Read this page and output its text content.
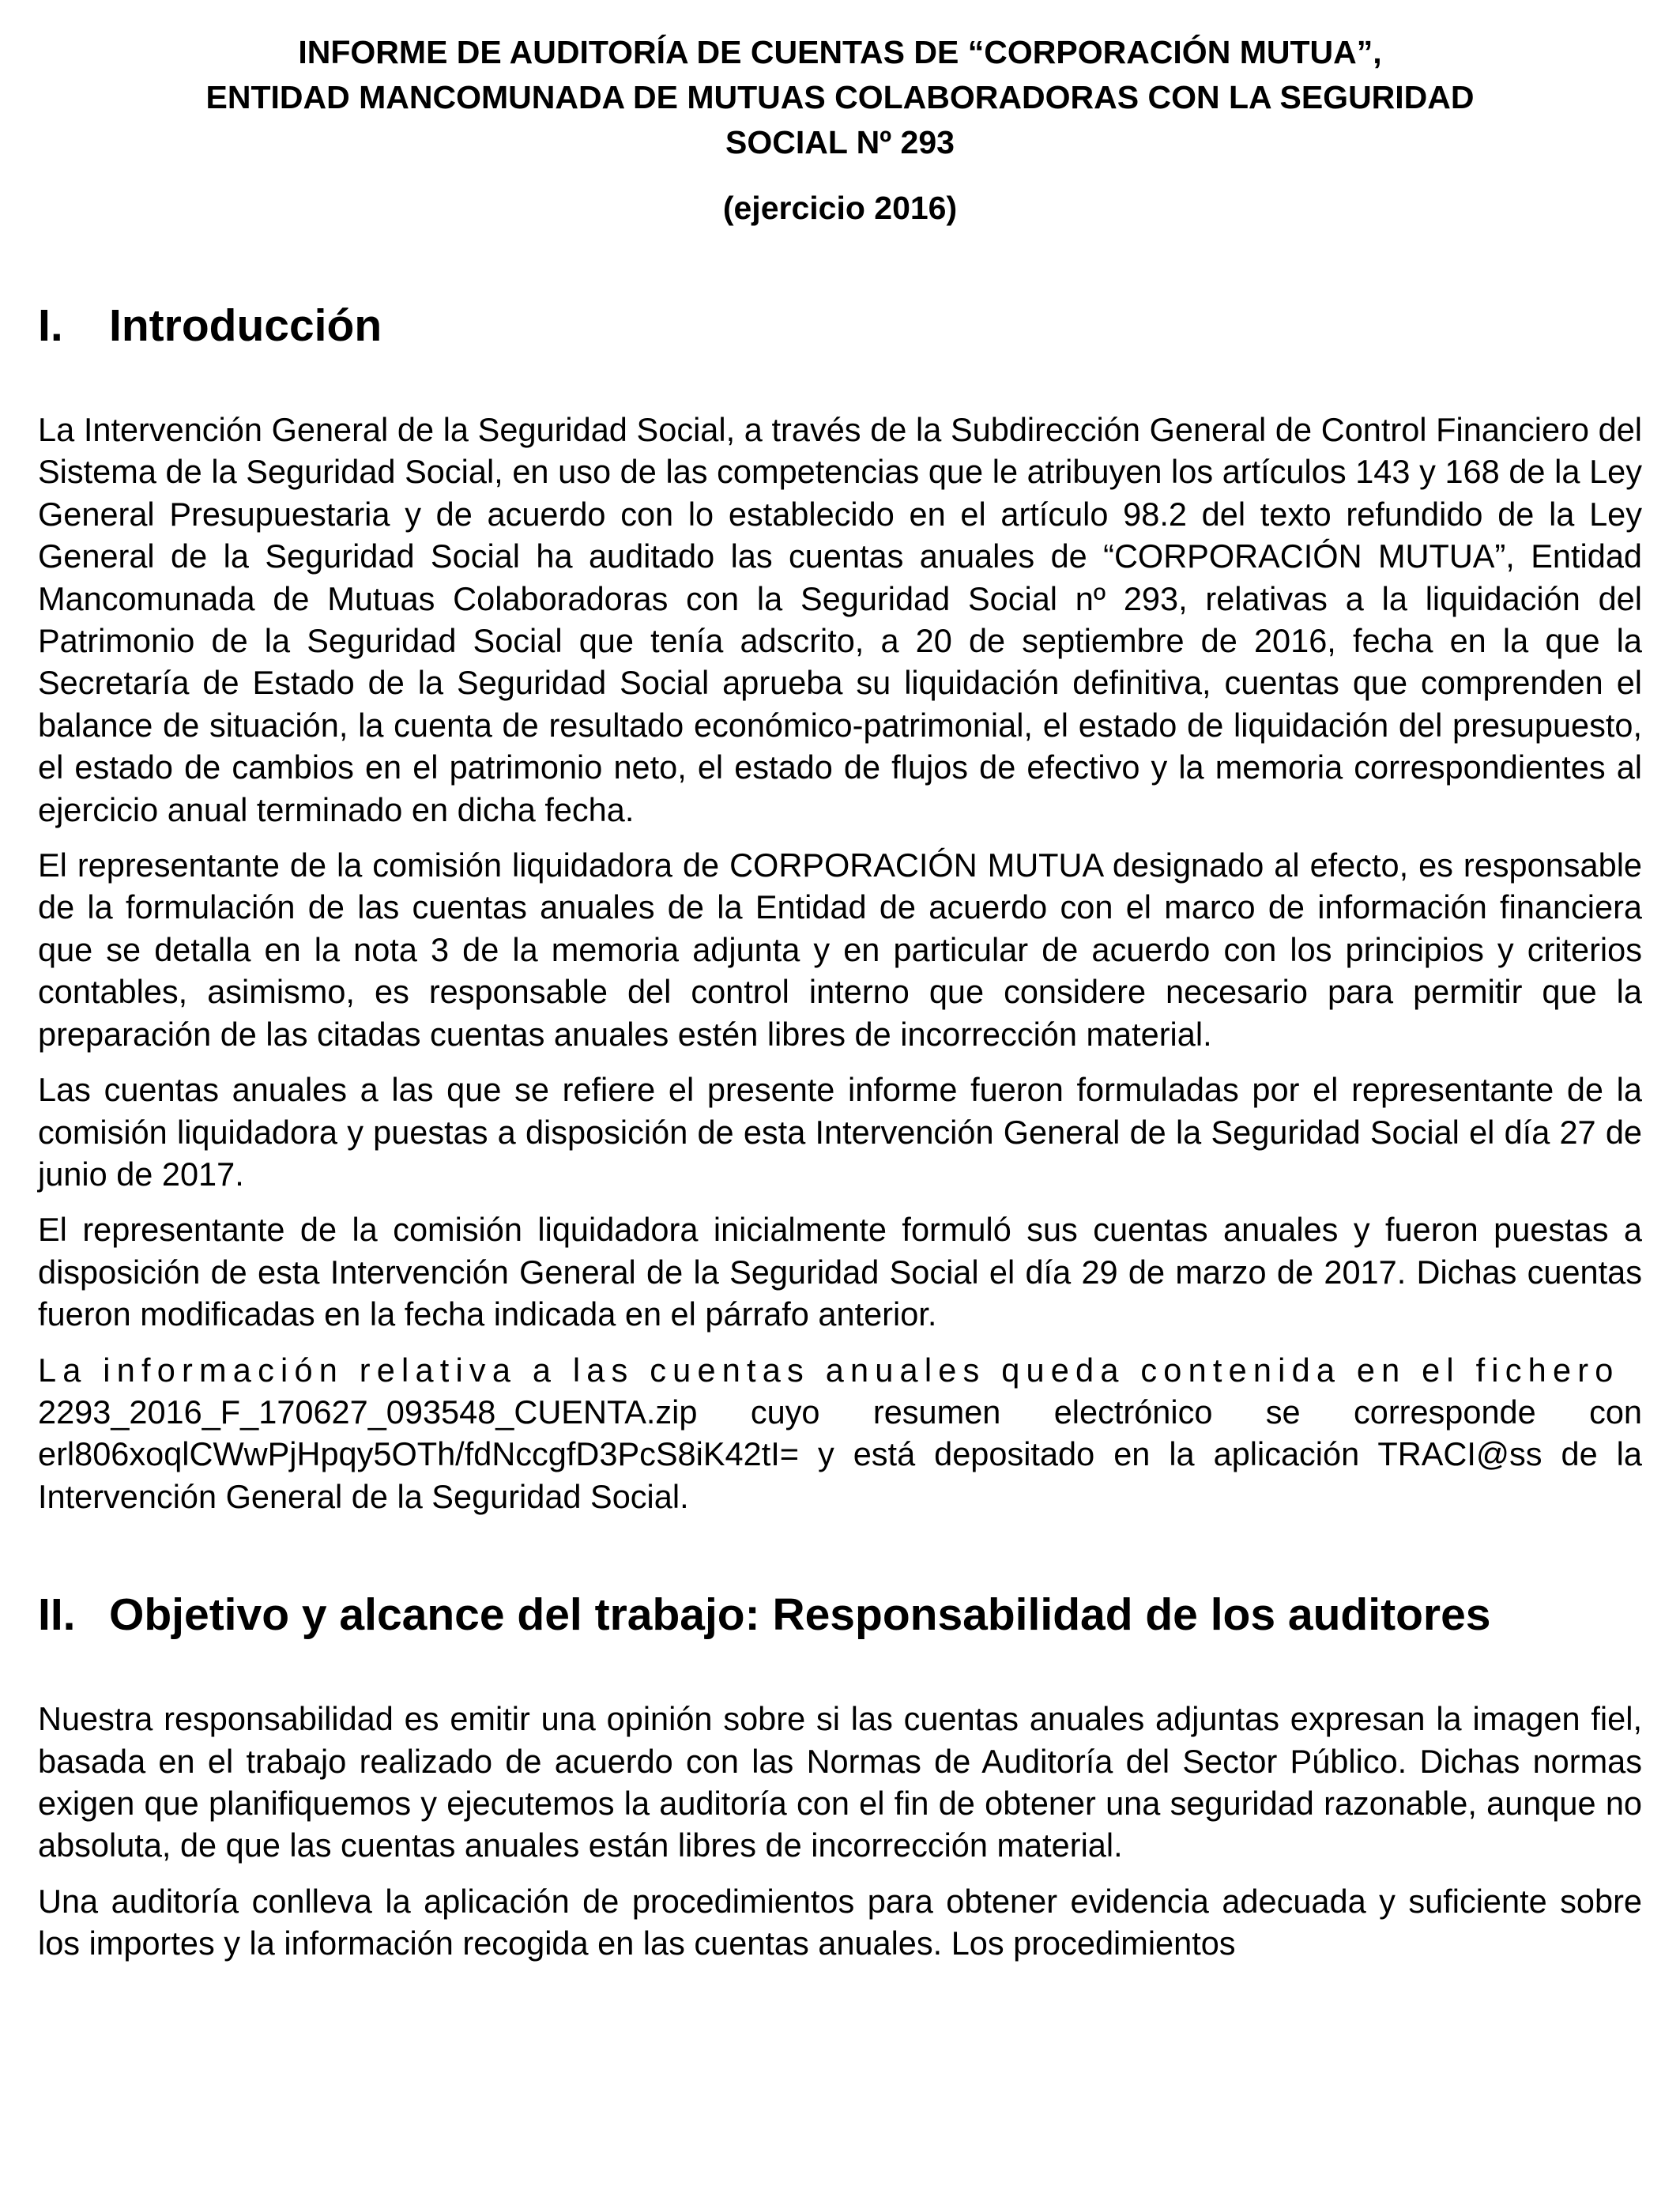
INFORME DE AUDITORÍA DE CUENTAS DE “CORPORACIÓN MUTUA”,

ENTIDAD MANCOMUNADA DE MUTUAS COLABORADORAS CON LA SEGURIDAD

SOCIAL Nº 293

(ejercicio 2016)

I.	Introducción

La Intervención General de la Seguridad Social, a través de la Subdirección General de Control Financiero del Sistema de la Seguridad Social, en uso de las competencias que le atribuyen los artículos 143 y 168 de la Ley General Presupuestaria y de acuerdo con lo establecido en el artículo 98.2 del texto refundido de la Ley General de la Seguridad Social ha auditado las cuentas anuales de “CORPORACIÓN MUTUA”, Entidad Mancomunada de Mutuas Colaboradoras con la Seguridad Social nº 293, relativas a la liquidación del Patrimonio de la Seguridad Social que tenía adscrito, a 20 de septiembre de 2016, fecha en la que la Secretaría de Estado de la Seguridad Social aprueba su liquidación definitiva, cuentas que comprenden el balance de situación, la cuenta de resultado económico-patrimonial, el estado de liquidación del presupuesto, el estado de cambios en el patrimonio neto, el estado de flujos de efectivo y la memoria correspondientes al ejercicio anual terminado en dicha fecha.

El representante de la comisión liquidadora de CORPORACIÓN MUTUA designado al efecto, es responsable de la formulación de las cuentas anuales de la Entidad de acuerdo con el marco de información financiera que se detalla en la nota 3 de la memoria adjunta y en particular de acuerdo con los principios y criterios contables, asimismo, es responsable del control interno que considere necesario para permitir que la preparación de las citadas cuentas anuales estén libres de incorrección material.

Las cuentas anuales a las que se refiere el presente informe fueron formuladas por el representante de la comisión liquidadora y puestas a disposición de esta Intervención General de la Seguridad Social el día 27 de junio de 2017.

El representante de la comisión liquidadora inicialmente formuló sus cuentas anuales y fueron puestas a disposición de esta Intervención General de la Seguridad Social el día 29 de marzo de 2017. Dichas cuentas fueron modificadas en la fecha indicada en el párrafo anterior.

La información relativa a las cuentas anuales queda contenida en el fichero
2293_2016_F_170627_093548_CUENTA.zip cuyo resumen electrónico se corresponde con erl806xoqlCWwPjHpqy5OTh/fdNccgfD3PcS8iK42tI= y está depositado en la aplicación TRACI@ss de la Intervención General de la Seguridad Social.

II. Objetivo y alcance del trabajo: Responsabilidad de los auditores

Nuestra responsabilidad es emitir una opinión sobre si las cuentas anuales adjuntas expresan la imagen fiel, basada en el trabajo realizado de acuerdo con las Normas de Auditoría del Sector Público. Dichas normas exigen que planifiquemos y ejecutemos la auditoría con el fin de obtener una seguridad razonable, aunque no absoluta, de que las cuentas anuales están libres de incorrección material.

Una auditoría conlleva la aplicación de procedimientos para obtener evidencia adecuada y suficiente sobre los importes y la información recogida en las cuentas anuales. Los procedimientos
